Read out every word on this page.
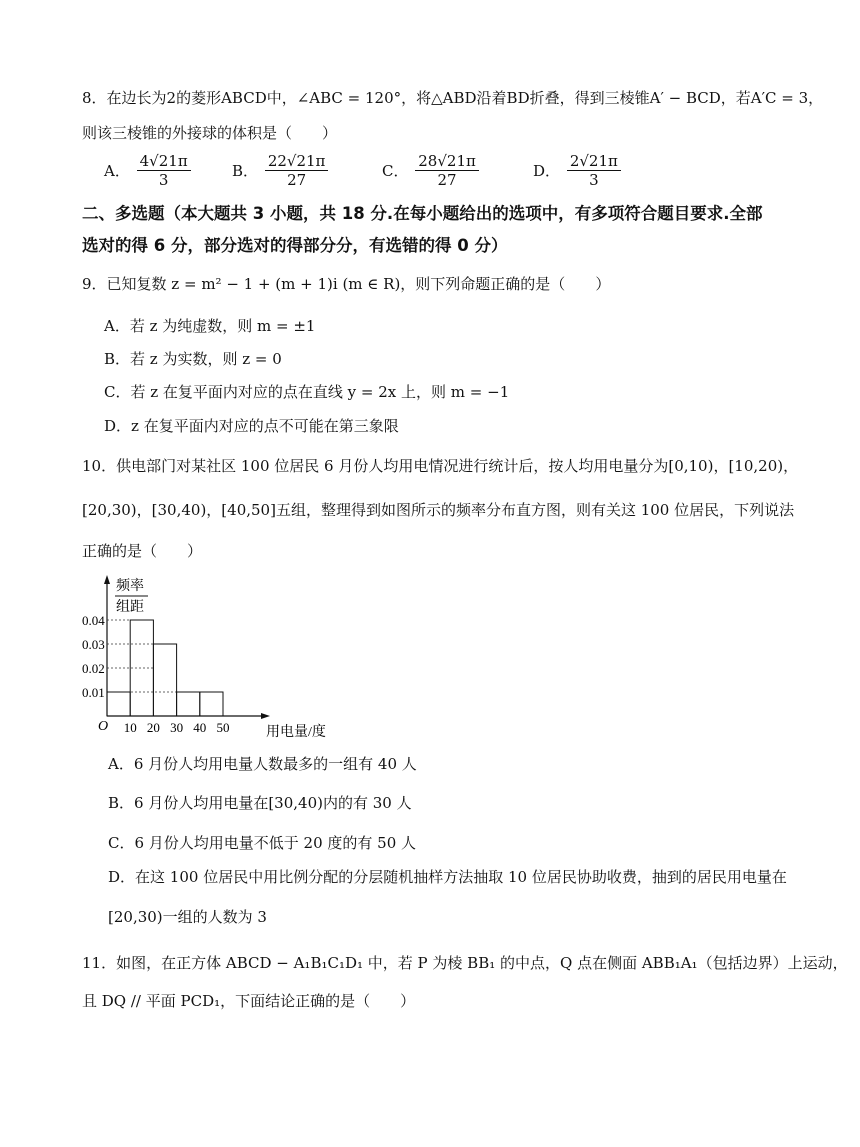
8．在边长为2的菱形ABCD中，∠ABC = 120°，将△ABD沿着BD折叠，得到三棱锥A′ − BCD，若A′C = 3，
则该三棱锥的外接球的体积是（　　）
A． $\frac{4√21\pi}{3}$	B． $\frac{22√21\pi}{27}$	C． $\frac{28√21\pi}{27}$	D． $\frac{2√21\pi}{3}$
二、多选题（本大题共 3 小题，共 18 分.在每小题给出的选项中，有多项符合题目要求.全部
选对的得 6 分，部分选对的得部分分，有选错的得 0 分）
9．已知复数 z = m² − 1 + (m + 1)i (m ∈ R)，则下列命题正确的是（　　）
A．若 z 为纯虚数，则 m = ±1
B．若 z 为实数，则 z = 0
C．若 z 在复平面内对应的点在直线 y = 2x 上，则 m = −1
D．z 在复平面内对应的点不可能在第三象限
10．供电部门对某社区 100 位居民 6 月份人均用电情况进行统计后，按人均用电量分为[0,10)，[10,20)，
[20,30)，[30,40)，[40,50]五组，整理得到如图所示的频率分布直方图，则有关这 100 位居民，下列说法
正确的是（　　）
频率
组距
O	用电量/度
0.01
0.02
0.03
0.04
10 20 30 40 50
A．6 月份人均用电量人数最多的一组有 40 人
B．6 月份人均用电量在[30,40)内的有 30 人
C．6 月份人均用电量不低于 20 度的有 50 人
D．在这 100 位居民中用比例分配的分层随机抽样方法抽取 10 位居民协助收费，抽到的居民用电量在
[20,30)一组的人数为 3
11．如图，在正方体 ABCD − A₁B₁C₁D₁ 中，若 P 为棱 BB₁ 的中点，Q 点在侧面 ABB₁A₁（包括边界）上运动，
且 DQ // 平面 PCD₁，下面结论正确的是（　　）
